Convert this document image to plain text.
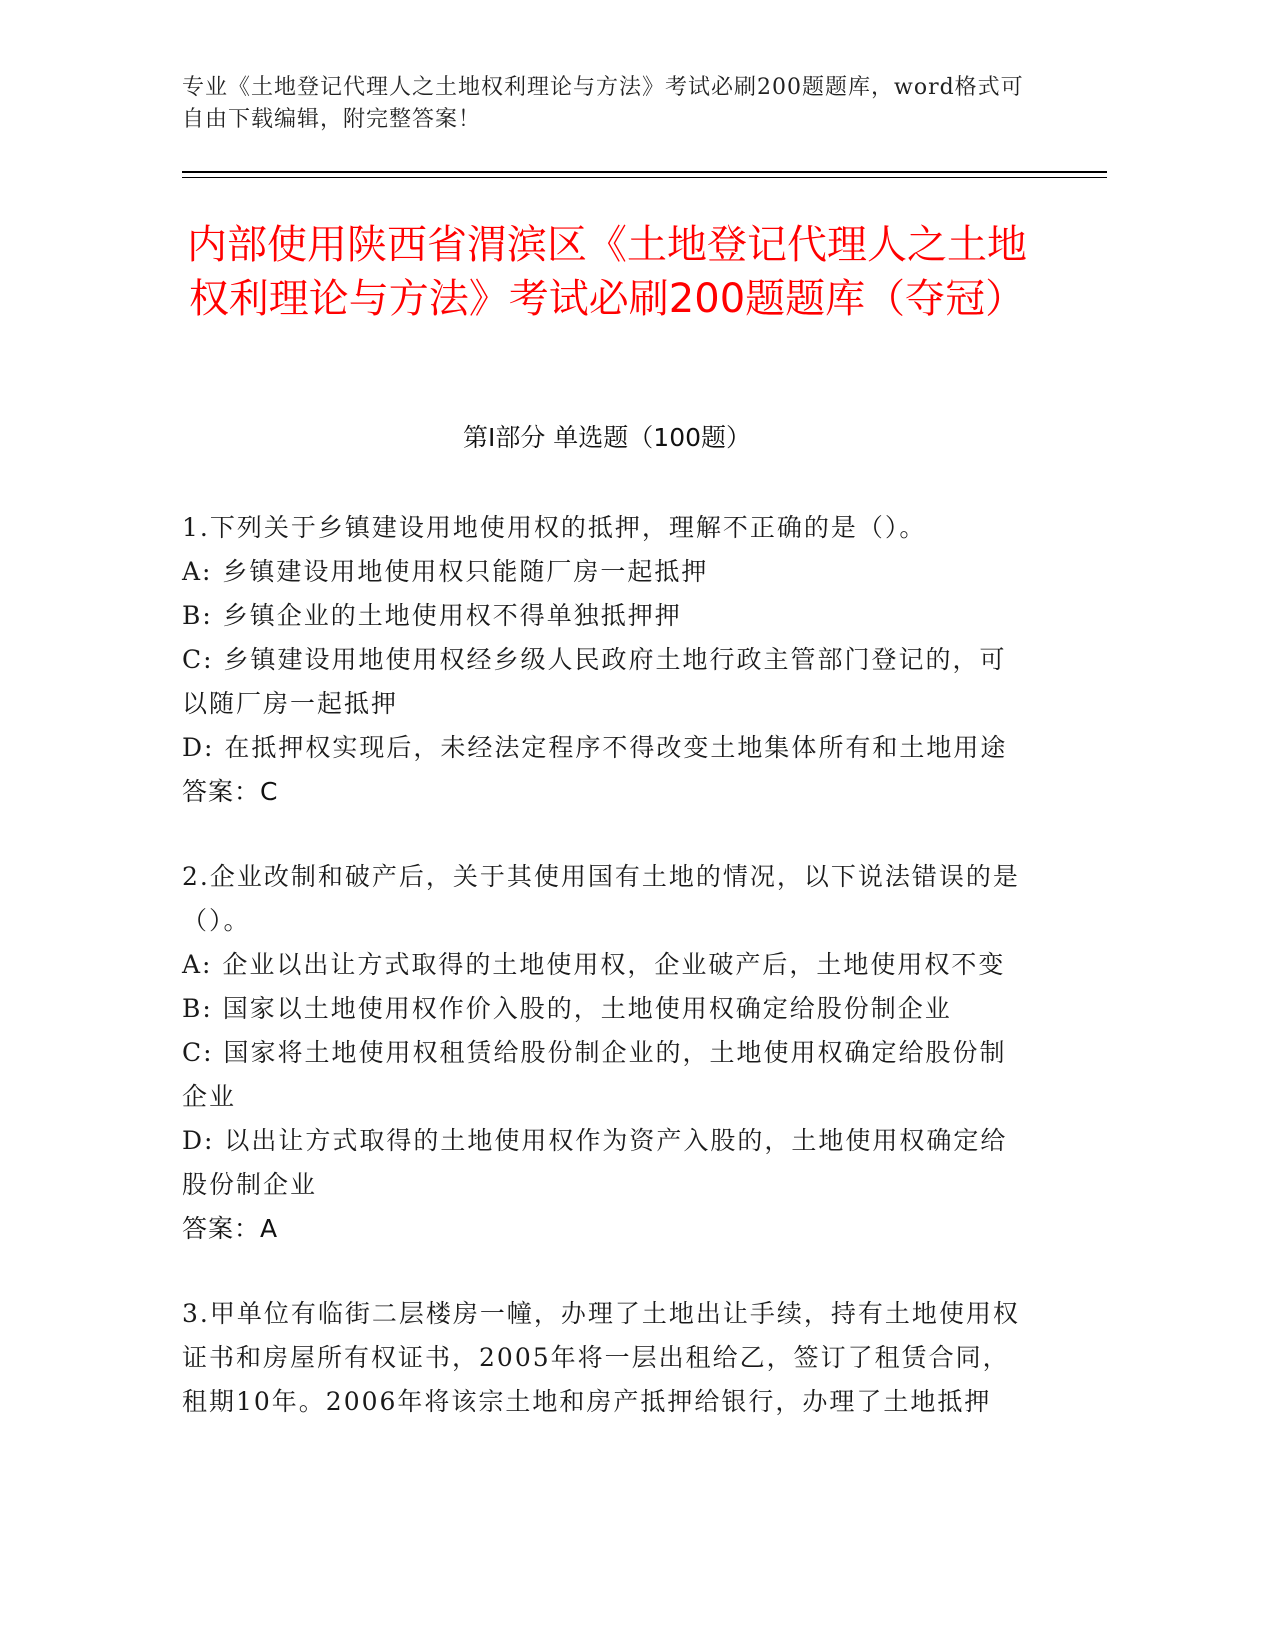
专业《土地登记代理人之土地权利理论与方法》考试必刷200题题库，word格式可自由下载编辑，附完整答案！
内部使用陕西省渭滨区《土地登记代理人之土地权利理论与方法》考试必刷200题题库（夺冠）
第I部分 单选题（100题）
1.下列关于乡镇建设用地使用权的抵押，理解不正确的是（）。
A: 乡镇建设用地使用权只能随厂房一起抵押
B: 乡镇企业的土地使用权不得单独抵押押
C: 乡镇建设用地使用权经乡级人民政府土地行政主管部门登记的，可以随厂房一起抵押
D: 在抵押权实现后，未经法定程序不得改变土地集体所有和土地用途
答案：C
2.企业改制和破产后，关于其使用国有土地的情况，以下说法错误的是（）。
A: 企业以出让方式取得的土地使用权，企业破产后，土地使用权不变
B: 国家以土地使用权作价入股的，土地使用权确定给股份制企业
C: 国家将土地使用权租赁给股份制企业的，土地使用权确定给股份制企业
D: 以出让方式取得的土地使用权作为资产入股的，土地使用权确定给股份制企业
答案：A
3.甲单位有临街二层楼房一幢，办理了土地出让手续，持有土地使用权证书和房屋所有权证书，2005年将一层出租给乙，签订了租赁合同，租期10年。2006年将该宗土地和房产抵押给银行，办理了土地抵押
